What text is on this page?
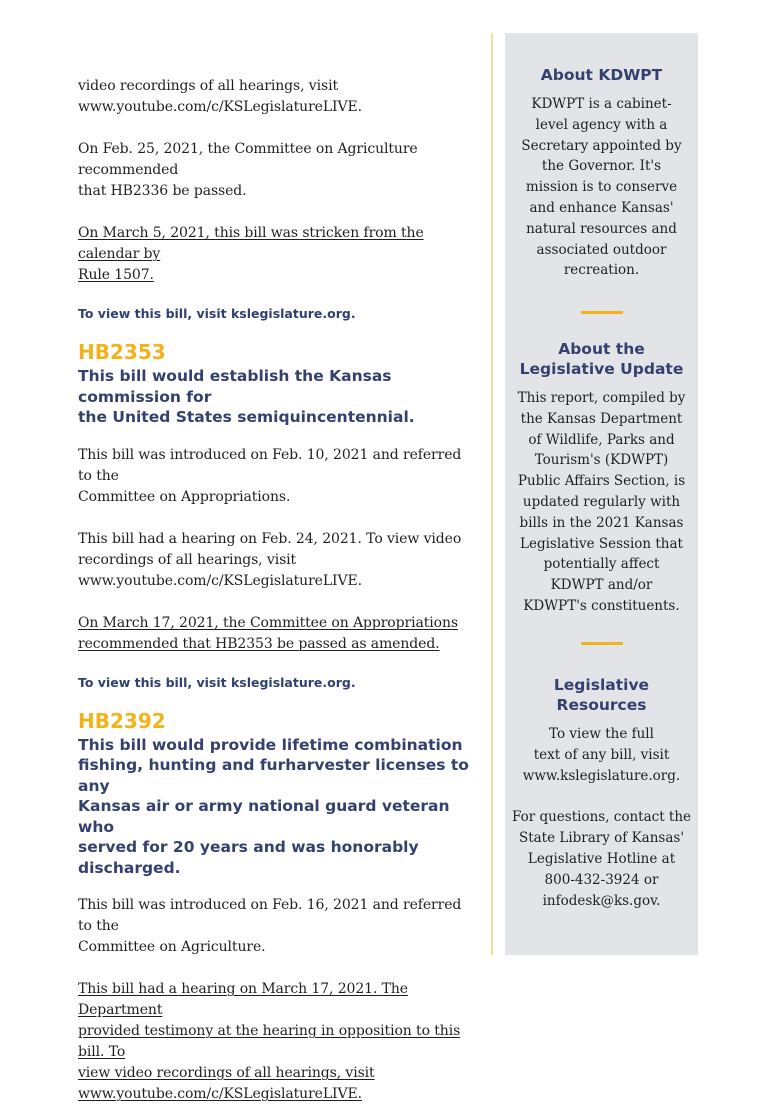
video recordings of all hearings, visit
www.youtube.com/c/KSLegislatureLIVE.

On Feb. 25, 2021, the Committee on Agriculture recommended
that HB2336 be passed.

On March 5, 2021, this bill was stricken from the calendar by
Rule 1507.

To view this bill, visit kslegislature.org.

HB2353

This bill would establish the Kansas commission for
the United States semiquincentennial.

This bill was introduced on Feb. 10, 2021 and referred to the
Committee on Appropriations.

This bill had a hearing on Feb. 24, 2021. To view video
recordings of all hearings, visit
www.youtube.com/c/KSLegislatureLIVE.

On March 17, 2021, the Committee on Appropriations
recommended that HB2353 be passed as amended.

To view this bill, visit kslegislature.org.

HB2392

This bill would provide lifetime combination
fishing, hunting and furharvester licenses to any
Kansas air or army national guard veteran who
served for 20 years and was honorably
discharged.

This bill was introduced on Feb. 16, 2021 and referred to the
Committee on Agriculture.

This bill had a hearing on March 17, 2021. The Department
provided testimony at the hearing in opposition to this bill. To
view video recordings of all hearings, visit
www.youtube.com/c/KSLegislatureLIVE.

About KDWPT

KDWPT is a cabinet-
level agency with a
Secretary appointed by
the Governor. It's
mission is to conserve
and enhance Kansas'
natural resources and
associated outdoor
recreation.

About the
Legislative Update

This report, compiled by
the Kansas Department
of Wildlife, Parks and
Tourism's (KDWPT)
Public Affairs Section, is
updated regularly with
bills in the 2021 Kansas
Legislative Session that
potentially affect
KDWPT and/or
KDWPT's constituents.

Legislative
Resources

To view the full
text of any bill, visit
www.kslegislature.org.

For questions, contact the
State Library of Kansas'
Legislative Hotline at
800-432-3924 or
infodesk@ks.gov.
